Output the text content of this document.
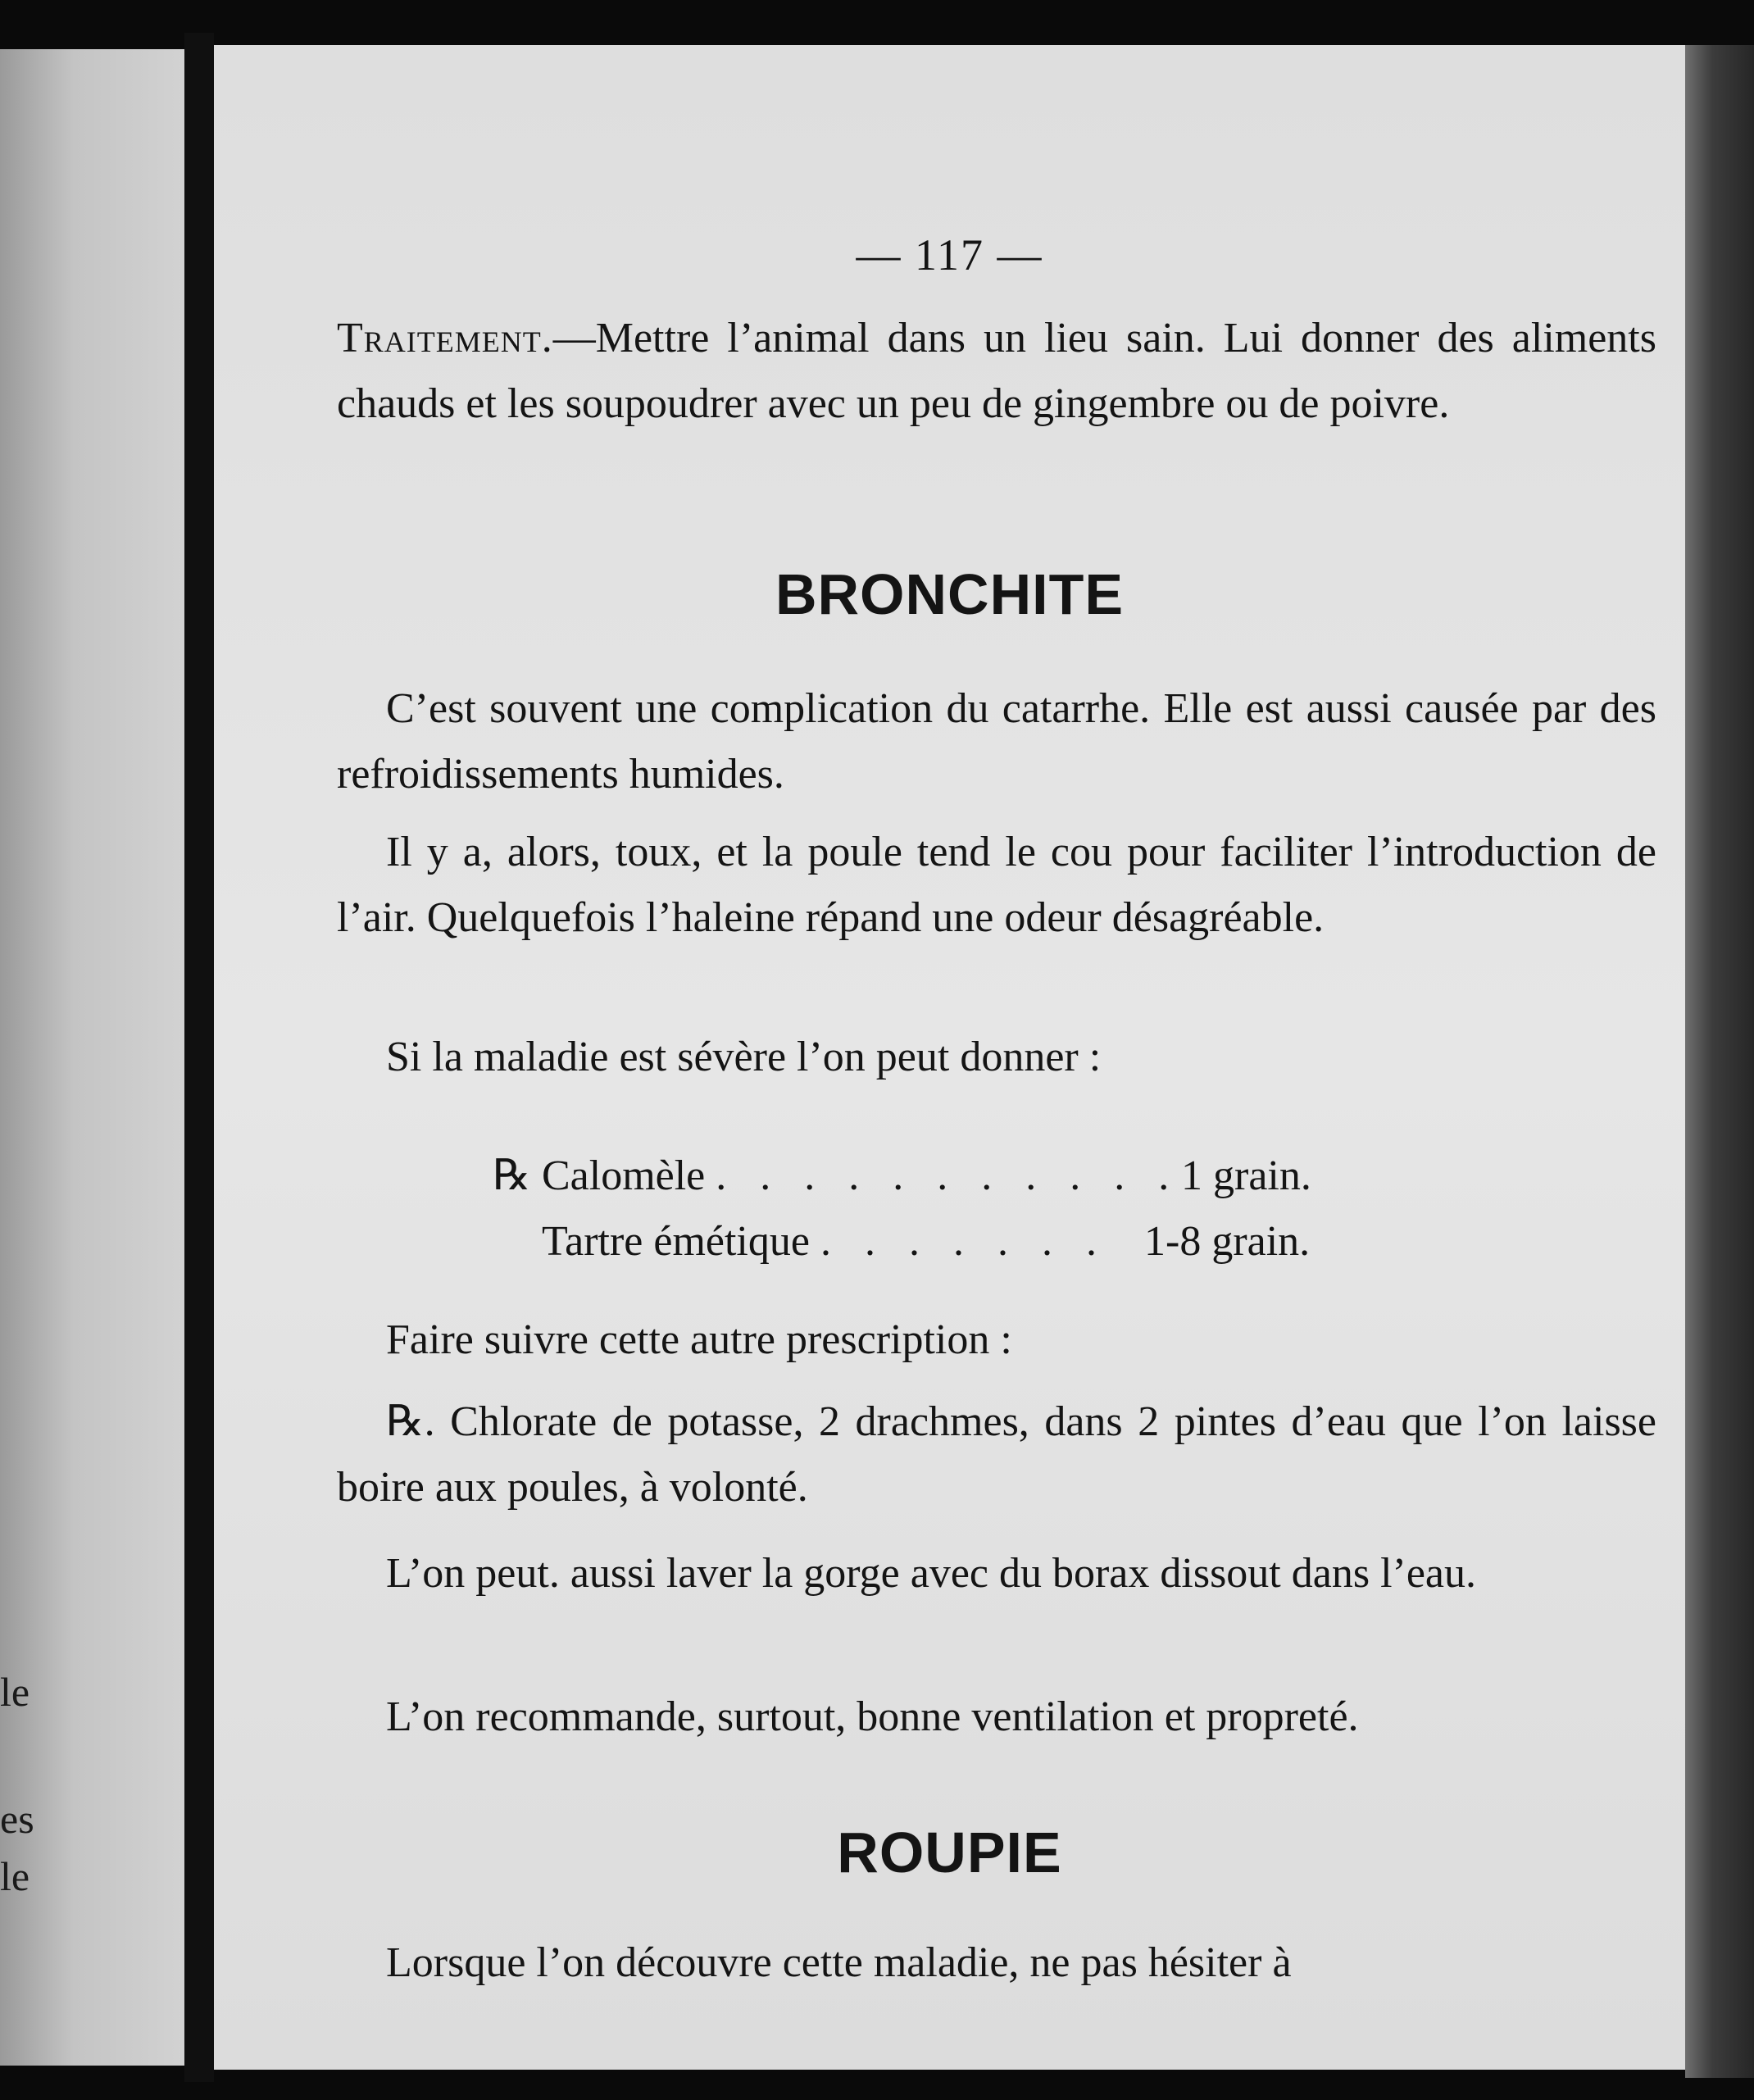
le
es
le
— 117 —

Traitement.—Mettre l’animal dans un lieu sain. Lui donner des aliments chauds et les soupoudrer avec un peu de gingembre ou de poivre.

BRONCHITE

C’est souvent une complication du catarrhe. Elle est aussi causée par des refroidissements humides.

Il y a, alors, toux, et la poule tend le cou pour faciliter l’introduction de l’air. Quelquefois l’haleine répand une odeur désagréable.

Si la maladie est sévère l’on peut donner :

℞ Calomèle . . . . . . . . . . . 1 grain.
Tartre émétique . . . . . . . 1-8 grain.

Faire suivre cette autre prescription :

℞. Chlorate de potasse, 2 drachmes, dans 2 pintes d’eau que l’on laisse boire aux poules, à volonté.

L’on peut. aussi laver la gorge avec du borax dissout dans l’eau.

L’on recommande, surtout, bonne ventilation et propreté.

ROUPIE

Lorsque l’on découvre cette maladie, ne pas hésiter à
